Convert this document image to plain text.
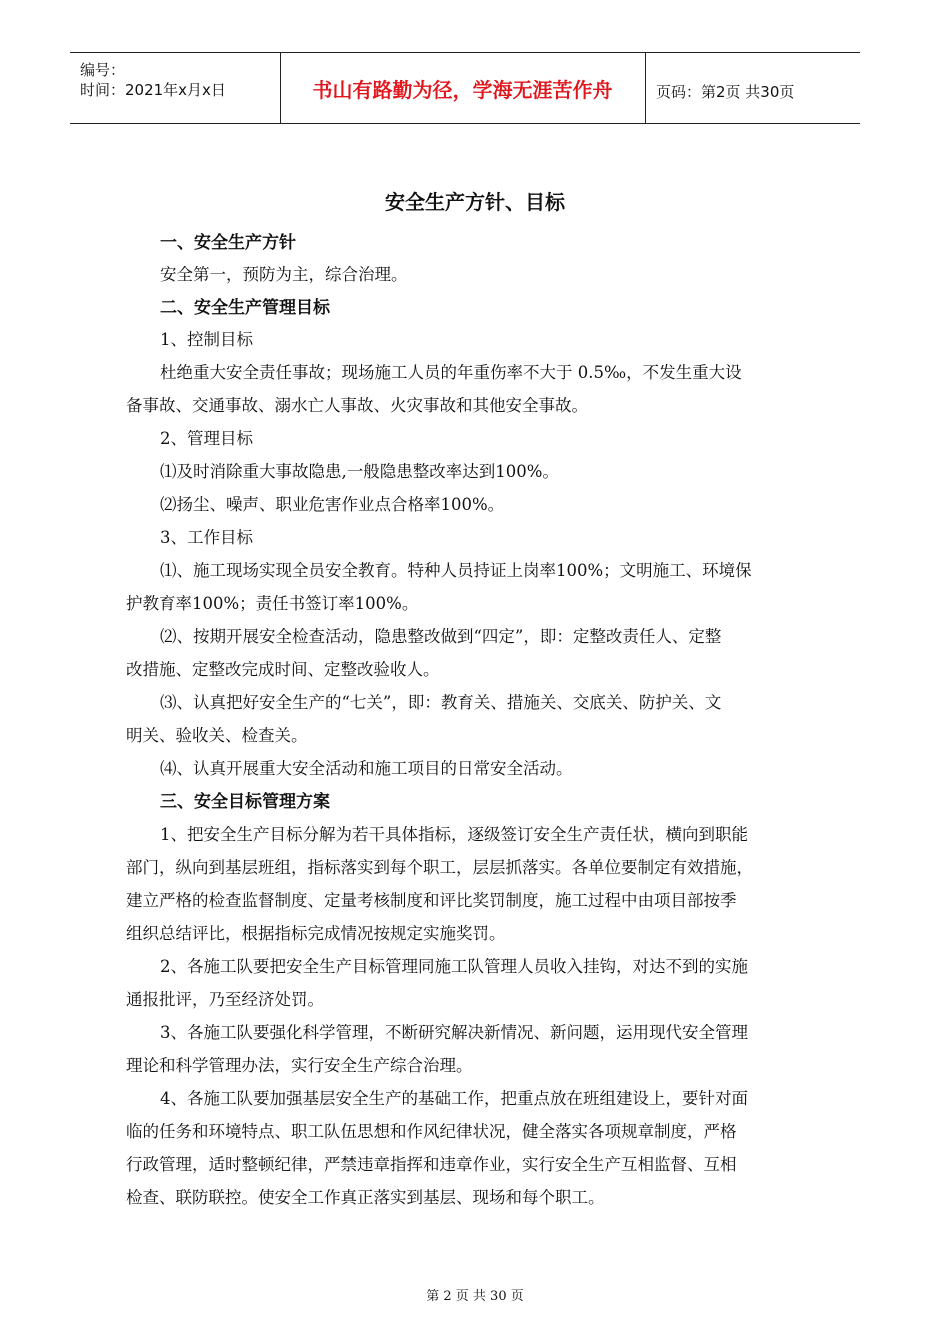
编号：
时间：2021年x月x日	书山有路勤为径，学海无涯苦作舟	页码：第2页 共30页
安全生产方针、目标
一、安全生产方针
安全第一，预防为主，综合治理。
二、安全生产管理目标
1、控制目标
杜绝重大安全责任事故；现场施工人员的年重伤率不大于 0.5‰，不发生重大设
备事故、交通事故、溺水亡人事故、火灾事故和其他安全事故。
2、管理目标
⑴及时消除重大事故隐患,一般隐患整改率达到100%。
⑵扬尘、噪声、职业危害作业点合格率100%。
3、工作目标
⑴、施工现场实现全员安全教育。特种人员持证上岗率100%；文明施工、环境保
护教育率100%；责任书签订率100%。
⑵、按期开展安全检查活动，隐患整改做到“四定”，即：定整改责任人、定整
改措施、定整改完成时间、定整改验收人。
⑶、认真把好安全生产的“七关”，即：教育关、措施关、交底关、防护关、文
明关、验收关、检查关。
⑷、认真开展重大安全活动和施工项目的日常安全活动。
三、安全目标管理方案
1、把安全生产目标分解为若干具体指标，逐级签订安全生产责任状，横向到职能
部门，纵向到基层班组，指标落实到每个职工，层层抓落实。各单位要制定有效措施，
建立严格的检查监督制度、定量考核制度和评比奖罚制度，施工过程中由项目部按季
组织总结评比，根据指标完成情况按规定实施奖罚。
2、各施工队要把安全生产目标管理同施工队管理人员收入挂钩，对达不到的实施
通报批评，乃至经济处罚。
3、各施工队要强化科学管理，不断研究解决新情况、新问题，运用现代安全管理
理论和科学管理办法，实行安全生产综合治理。
4、各施工队要加强基层安全生产的基础工作，把重点放在班组建设上，要针对面
临的任务和环境特点、职工队伍思想和作风纪律状况，健全落实各项规章制度，严格
行政管理，适时整顿纪律，严禁违章指挥和违章作业，实行安全生产互相监督、互相
检查、联防联控。使安全工作真正落实到基层、现场和每个职工。
第 2 页 共 30 页
